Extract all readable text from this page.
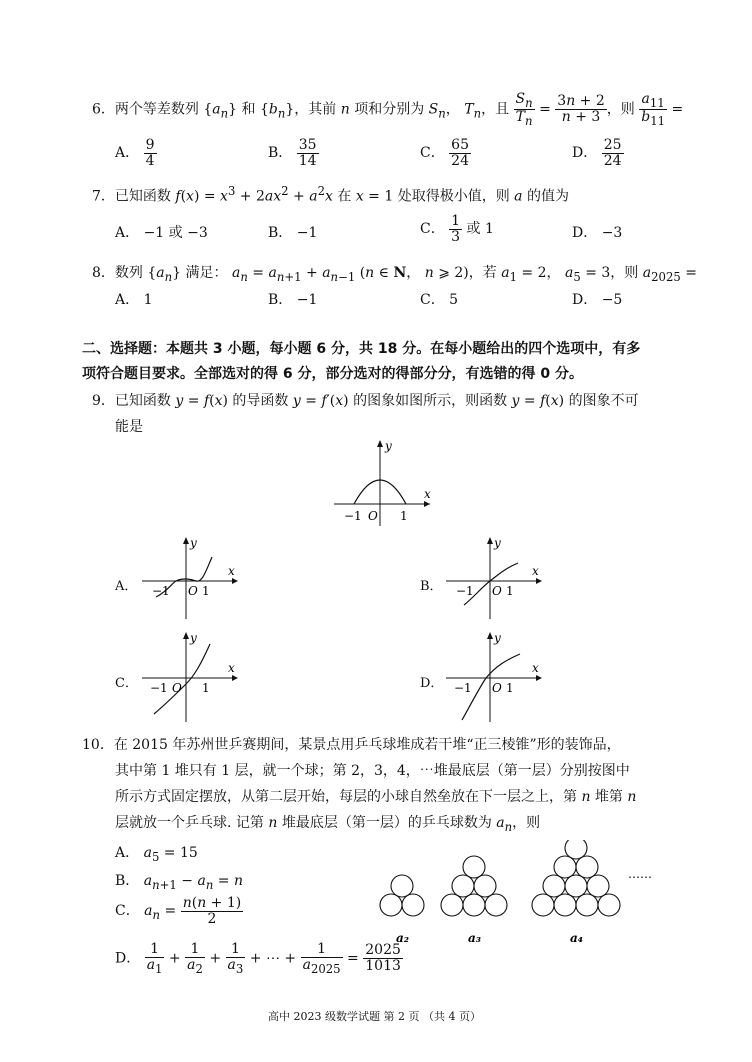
6．两个等差数列 $\{a_n\}$ 和 $\{b_n\}$，其前 n 项和分别为 $S_n$， $T_n$，且 $\frac{S_n}{T_n} = \frac{3n + 2}{n + 3}$ ，则 $\frac{a_{11}}{b_{11}}$ =
A． $\frac{9}{4}$	B． $\frac{35}{14}$	C． $\frac{65}{24}$	D． $\frac{25}{24}$
7．已知函数 $f(x) = x^3 + 2ax^2 + a^2x$ 在 x = 1 处取得极小值，则 a 的值为
A． −1 或 −3	B． −1	C． $\frac{1}{3}$ 或 1	D． −3
8．数列 $\{a_n\}$ 满足： $a_n = a_{n+1} + a_{n-1}$ (n ∈ N， n ⩾ 2)，若 $a_1 = 2$， $a_5 = 3$，则 $a_{2025}$ =
A． 1	B． −1	C． 5	D． −5
二、选择题：本题共 3 小题，每小题 6 分，共 18 分。在每小题给出的四个选项中，有多
项符合题目要求。全部选对的得 6 分，部分选对的得部分分，有选错的得 0 分。
9．已知函数 y = f(x) 的导函数 y = f′(x) 的图象如图所示，则函数 y = f(x) 的图象不可
能是
y
x
−1 O 1
A．
y
x
−1 O 1	B．
y
x
−1 O 1
C．
y
x
−1 O 1	D．
y
x
−1 O 1
10．在 2015 年苏州世乒赛期间，某景点用乒乓球堆成若干堆“正三棱锥”形的装饰品，
其中第 1 堆只有 1 层，就一个球；第 2，3，4，⋯堆最底层（第一层）分别按图中
所示方式固定摆放，从第二层开始，每层的小球自然垒放在下一层之上，第 n 堆第 n
层就放一个乒乓球. 记第 n 堆最底层（第一层）的乒乓球数为 $a_n$，则
A． $a_5 = 15$
B． $a_{n+1} - a_n = n$
C． $a_n = \frac{n(n + 1)}{2}$
D． $\frac{1}{a_1} + \frac{1}{a_2} + \frac{1}{a_3}$ + ⋯ + $\frac{1}{a_{2025}} = \frac{2025}{1013}$
a₂	a₃	a₄
……
高中 2023 级数学试题 第 2 页 （共 4 页）
